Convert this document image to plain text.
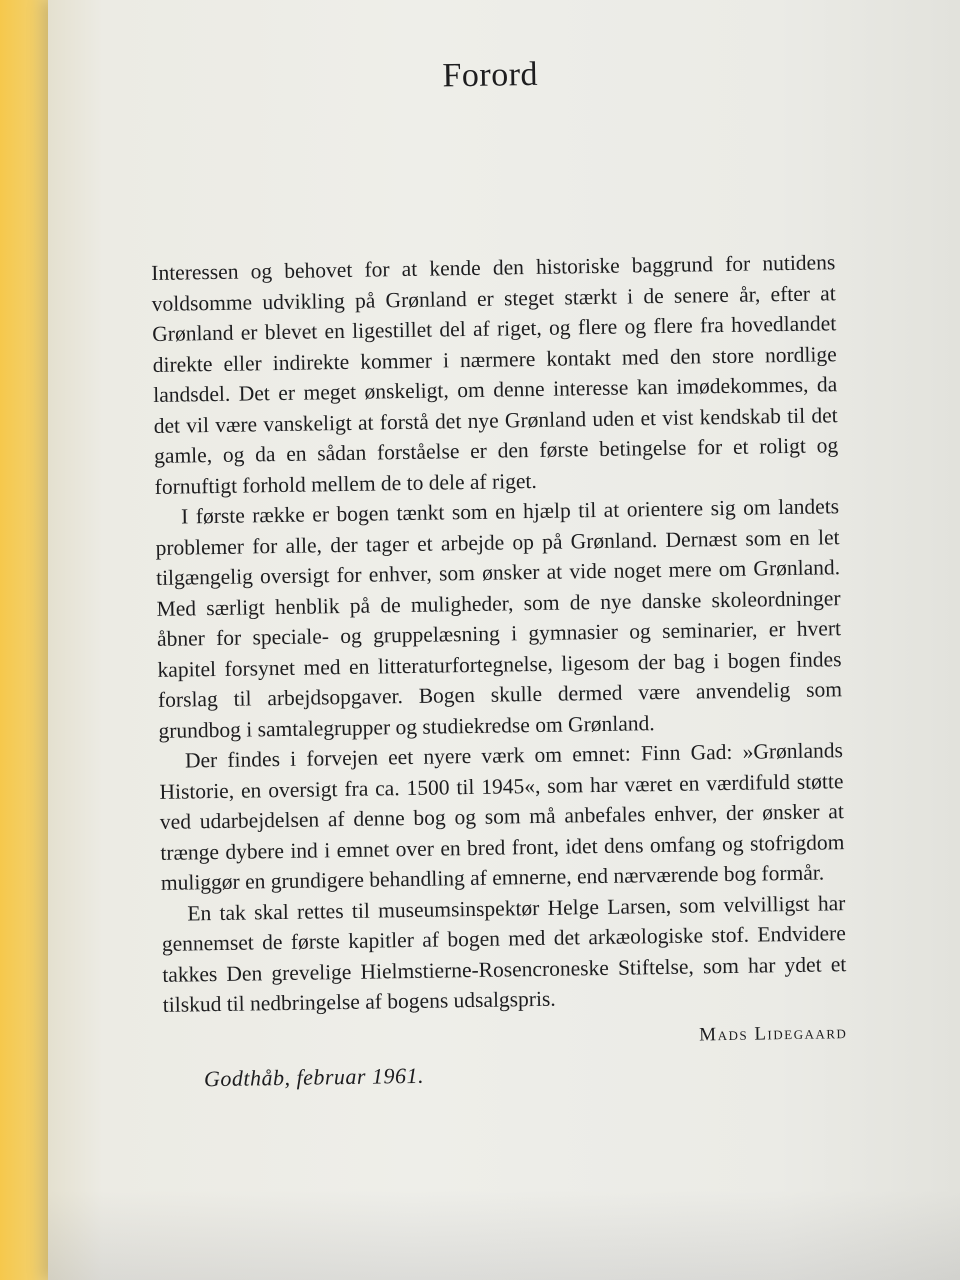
Forord

Interessen og behovet for at kende den historiske baggrund for nutidens voldsomme udvikling på Grønland er steget stærkt i de senere år, efter at Grønland er blevet en ligestillet del af riget, og flere og flere fra hovedlandet direkte eller indirekte kommer i nærmere kontakt med den store nordlige landsdel. Det er meget ønskeligt, om denne interesse kan imødekommes, da det vil være vanskeligt at forstå det nye Grønland uden et vist kendskab til det gamle, og da en sådan forståelse er den første betingelse for et roligt og fornuftigt forhold mellem de to dele af riget.

I første række er bogen tænkt som en hjælp til at orientere sig om landets problemer for alle, der tager et arbejde op på Grønland. Dernæst som en let tilgængelig oversigt for enhver, som ønsker at vide noget mere om Grønland. Med særligt henblik på de muligheder, som de nye danske skoleordninger åbner for speciale- og gruppelæsning i gymnasier og seminarier, er hvert kapitel forsynet med en litteraturfortegnelse, ligesom der bag i bogen findes forslag til arbejdsopgaver. Bogen skulle dermed være anvendelig som grundbog i samtalegrupper og studiekredse om Grønland.

Der findes i forvejen eet nyere værk om emnet: Finn Gad: »Grønlands Historie, en oversigt fra ca. 1500 til 1945«, som har været en værdifuld støtte ved udarbejdelsen af denne bog og som må anbefales enhver, der ønsker at trænge dybere ind i emnet over en bred front, idet dens omfang og stofrigdom muliggør en grundigere behandling af emnerne, end nærværende bog formår.

En tak skal rettes til museumsinspektør Helge Larsen, som velvilligst har gennemset de første kapitler af bogen med det arkæologiske stof. Endvidere takkes Den grevelige Hielmstierne-Rosencroneske Stiftelse, som har ydet et tilskud til nedbringelse af bogens udsalgspris.

Mads Lidegaard
Godthåb, februar 1961.
